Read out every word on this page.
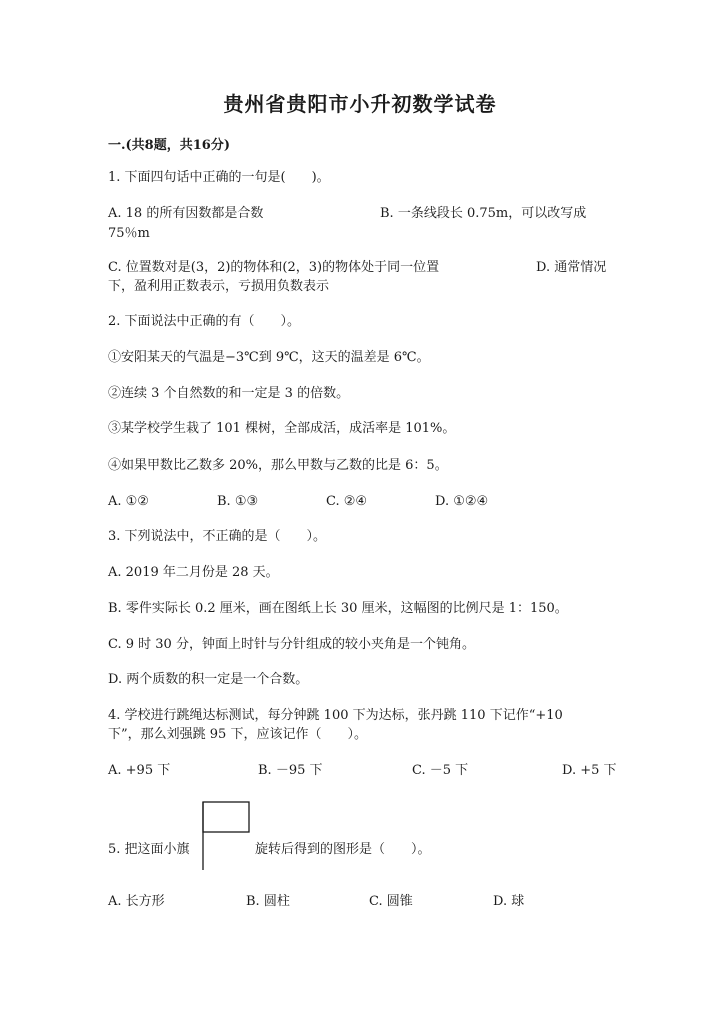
贵州省贵阳市小升初数学试卷
一.(共8题，共16分)
1. 下面四句话中正确的一句是(　　)。
A. 18 的所有因数都是合数	B. 一条线段长 0.75m，可以改写成
75％m
C. 位置数对是(3，2)的物体和(2，3)的物体处于同一位置	D. 通常情况
下，盈利用正数表示，亏损用负数表示
2. 下面说法中正确的有（　　）。
①安阳某天的气温是−3℃到 9℃，这天的温差是 6℃。
②连续 3 个自然数的和一定是 3 的倍数。
③某学校学生栽了 101 棵树，全部成活，成活率是 101%。
④如果甲数比乙数多 20%，那么甲数与乙数的比是 6：5。
A. ①②	B. ①③	C. ②④	D. ①②④
3. 下列说法中，不正确的是（　　）。
A. 2019 年二月份是 28 天。
B. 零件实际长 0.2 厘米，画在图纸上长 30 厘米，这幅图的比例尺是 1：150。
C. 9 时 30 分，钟面上时针与分针组成的较小夹角是一个钝角。
D. 两个质数的积一定是一个合数。
4. 学校进行跳绳达标测试，每分钟跳 100 下为达标，张丹跳 110 下记作“+10
下”，那么刘强跳 95 下，应该记作（　　）。
A. +95 下	B. －95 下	C. －5 下	D. +5 下
5. 把这面小旗	旋转后得到的图形是（　　）。
A. 长方形	B. 圆柱	C. 圆锥	D. 球
